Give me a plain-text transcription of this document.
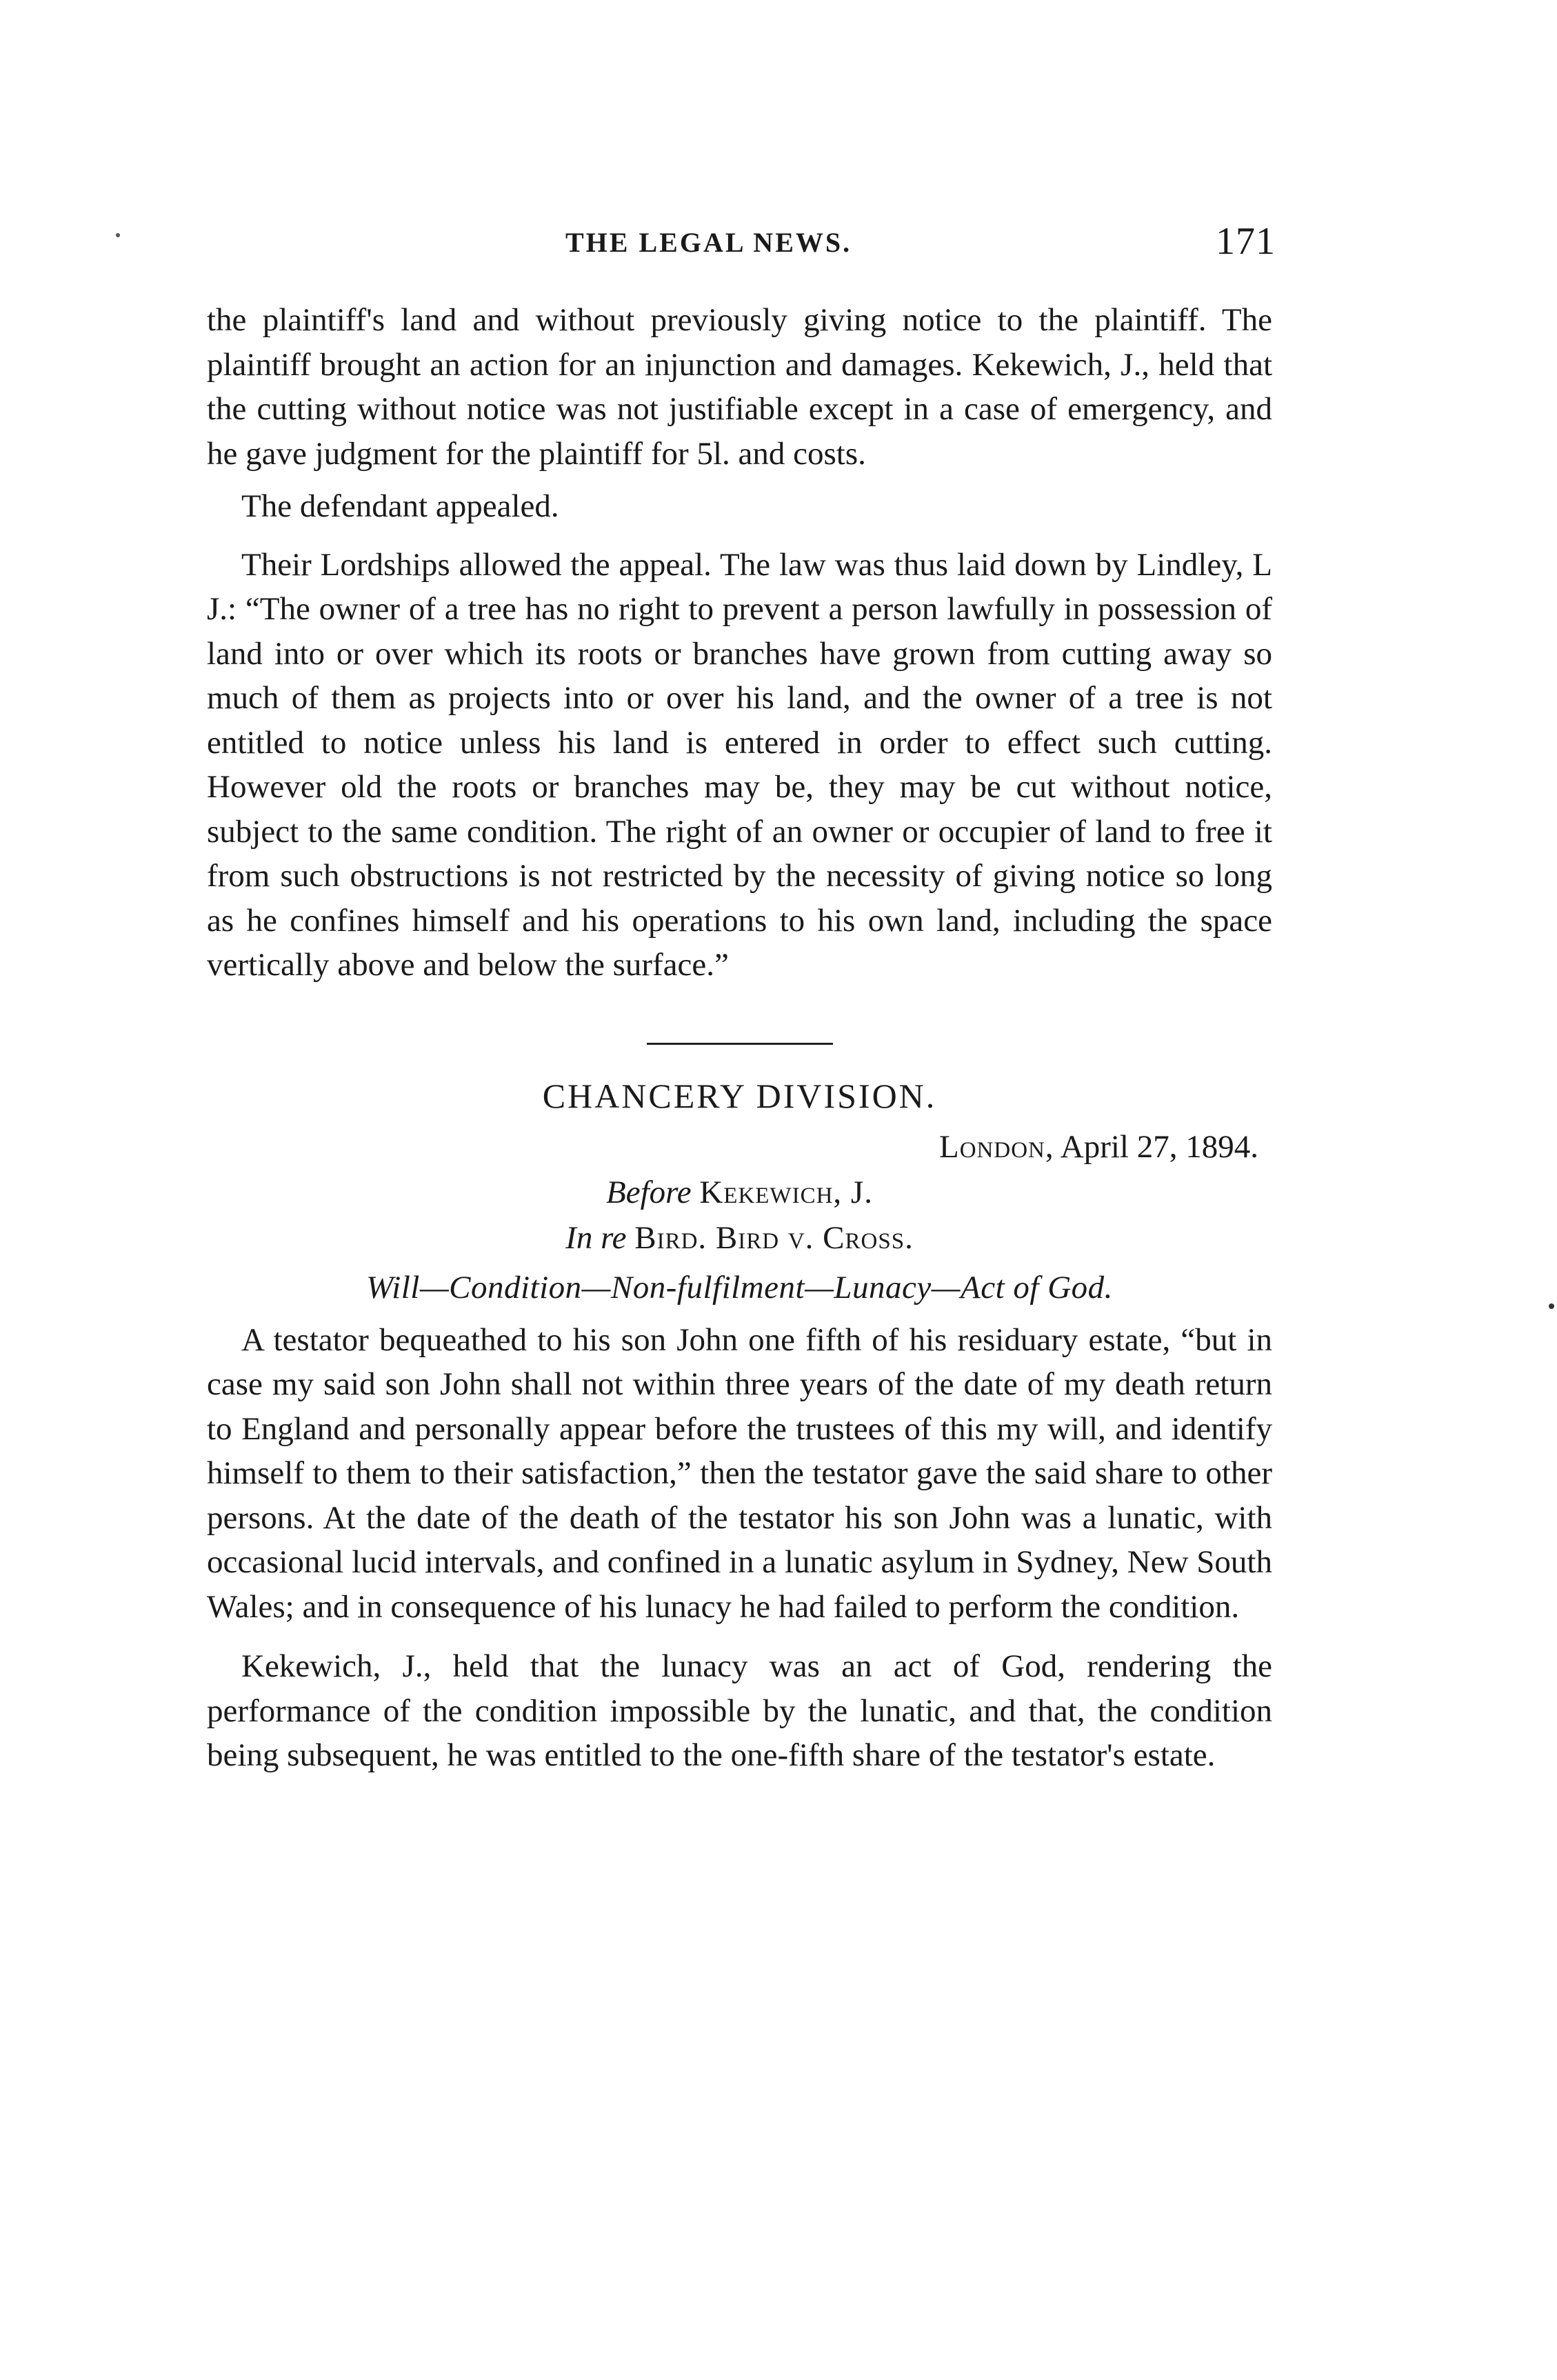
THE LEGAL NEWS.	171

the plaintiff's land and without previously giving notice to the plaintiff. The plaintiff brought an action for an injunction and damages. Kekewich, J., held that the cutting without notice was not justifiable except in a case of emergency, and he gave judgment for the plaintiff for 5l. and costs.

The defendant appealed.

Their Lordships allowed the appeal. The law was thus laid down by Lindley, L J.: “The owner of a tree has no right to prevent a person lawfully in possession of land into or over which its roots or branches have grown from cutting away so much of them as projects into or over his land, and the owner of a tree is not entitled to notice unless his land is entered in order to effect such cutting. However old the roots or branches may be, they may be cut without notice, subject to the same condition. The right of an owner or occupier of land to free it from such obstructions is not restricted by the necessity of giving notice so long as he confines himself and his operations to his own land, including the space vertically above and below the surface.”

CHANCERY DIVISION.
London, April 27, 1894.
Before Kekewich, J.
In re Bird. Bird v. Cross.
Will—Condition—Non-fulfilment—Lunacy—Act of God.

A testator bequeathed to his son John one fifth of his residuary estate, “but in case my said son John shall not within three years of the date of my death return to England and personally appear before the trustees of this my will, and identify himself to them to their satisfaction,” then the testator gave the said share to other persons. At the date of the death of the testator his son John was a lunatic, with occasional lucid intervals, and confined in a lunatic asylum in Sydney, New South Wales; and in consequence of his lunacy he had failed to perform the condition.

Kekewich, J., held that the lunacy was an act of God, rendering the performance of the condition impossible by the lunatic, and that, the condition being subsequent, he was entitled to the one-fifth share of the testator's estate.
